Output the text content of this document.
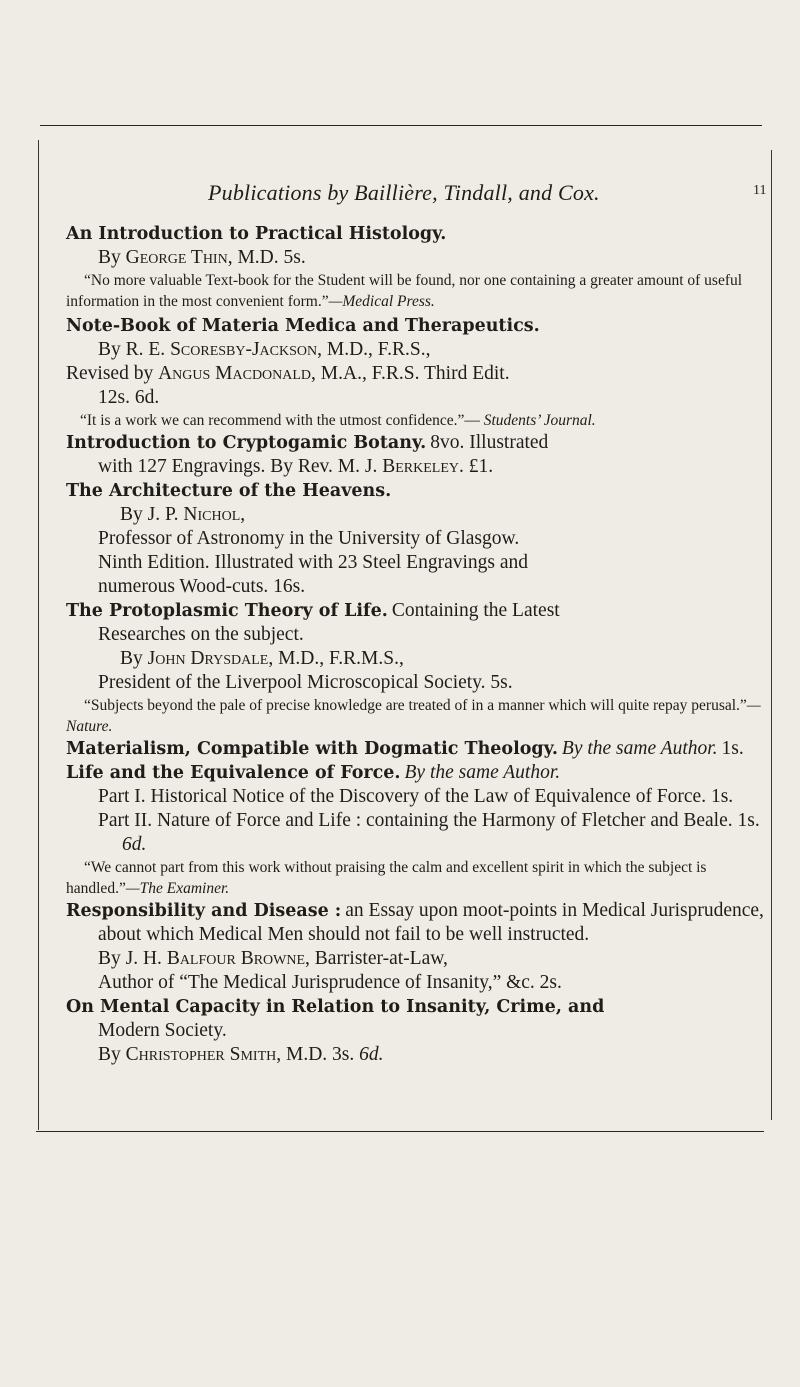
Publications by Baillière, Tindall, and Cox.	11
An Introduction to Practical Histology.
By George Thin, M.D. 5s.
“No more valuable Text-book for the Student will be found, nor one containing a greater amount of useful information in the most convenient form.”—Medical Press.
Note-Book of Materia Medica and Therapeutics.
By R. E. Scoresby-Jackson, M.D., F.R.S.,
Revised by Angus Macdonald, M.A., F.R.S. Third Edit.
12s. 6d.
“It is a work we can recommend with the utmost confidence.”— Students’ Journal.
Introduction to Cryptogamic Botany. 8vo. Illustrated
with 127 Engravings. By Rev. M. J. Berkeley. £1.
The Architecture of the Heavens.
By J. P. Nichol,
Professor of Astronomy in the University of Glasgow.
Ninth Edition. Illustrated with 23 Steel Engravings and
numerous Wood-cuts. 16s.
The Protoplasmic Theory of Life. Containing the Latest
Researches on the subject.
By John Drysdale, M.D., F.R.M.S.,
President of the Liverpool Microscopical Society. 5s.
“Subjects beyond the pale of precise knowledge are treated of in a manner which will quite repay perusal.”—Nature.
Materialism, Compatible with Dogmatic Theology. By the same Author. 1s.
Life and the Equivalence of Force. By the same Author.
Part I. Historical Notice of the Discovery of the Law of Equivalence of Force. 1s.
Part II. Nature of Force and Life : containing the Harmony of Fletcher and Beale. 1s. 6d.
“We cannot part from this work without praising the calm and excellent spirit in which the subject is handled.”—The Examiner.
Responsibility and Disease : an Essay upon moot-points in Medical Jurisprudence, about which Medical Men should not fail to be well instructed.
By J. H. Balfour Browne, Barrister-at-Law,
Author of “The Medical Jurisprudence of Insanity,” &c. 2s.
On Mental Capacity in Relation to Insanity, Crime, and
Modern Society.
By Christopher Smith, M.D. 3s. 6d.
